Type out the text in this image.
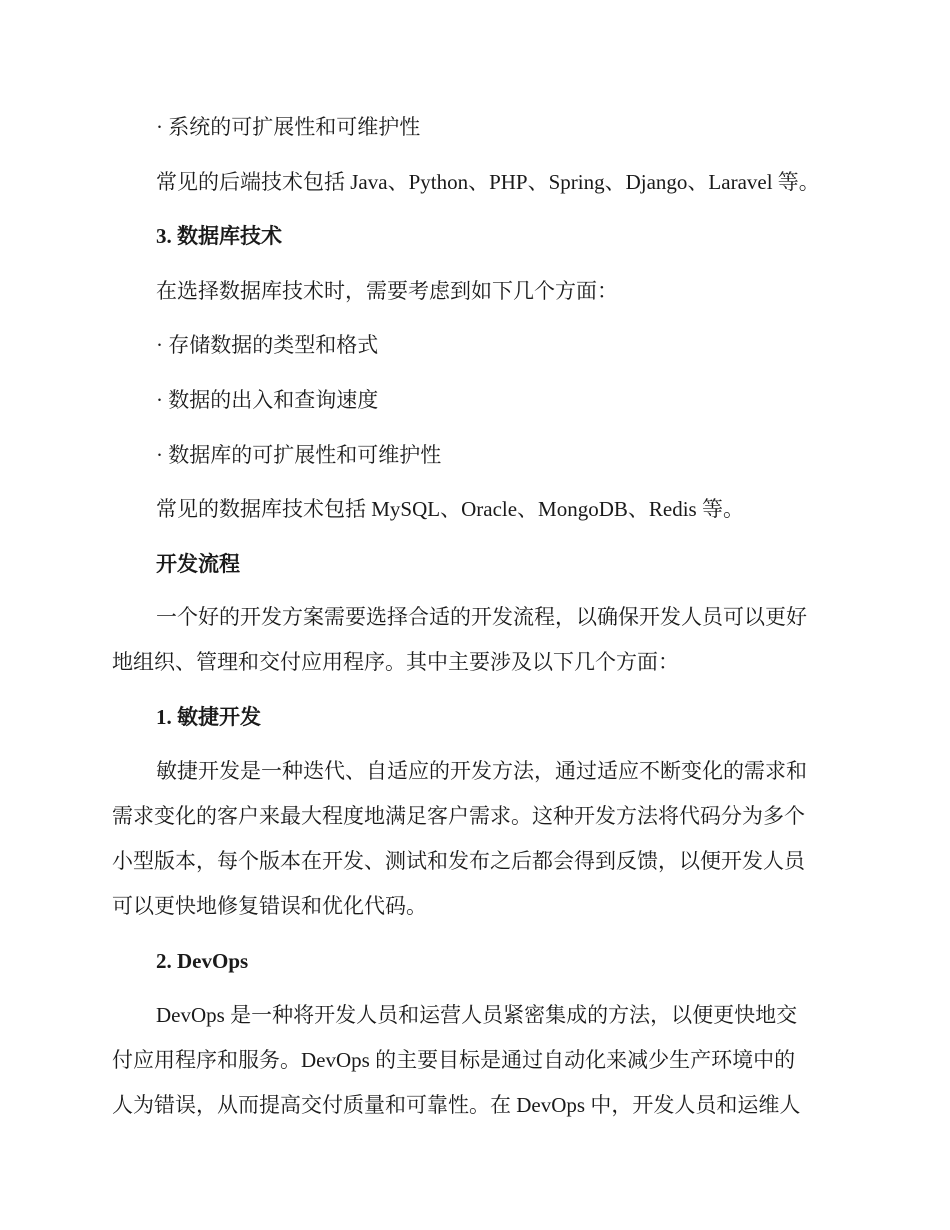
· 系统的可扩展性和可维护性
常见的后端技术包括 Java、Python、PHP、Spring、Django、Laravel 等。
3. 数据库技术
在选择数据库技术时，需要考虑到如下几个方面：
· 存储数据的类型和格式
· 数据的出入和查询速度
· 数据库的可扩展性和可维护性
常见的数据库技术包括 MySQL、Oracle、MongoDB、Redis 等。
开发流程
一个好的开发方案需要选择合适的开发流程，以确保开发人员可以更好
地组织、管理和交付应用程序。其中主要涉及以下几个方面：
1. 敏捷开发
敏捷开发是一种迭代、自适应的开发方法，通过适应不断变化的需求和
需求变化的客户来最大程度地满足客户需求。这种开发方法将代码分为多个
小型版本，每个版本在开发、测试和发布之后都会得到反馈，以便开发人员
可以更快地修复错误和优化代码。
2. DevOps
DevOps 是一种将开发人员和运营人员紧密集成的方法，以便更快地交
付应用程序和服务。DevOps 的主要目标是通过自动化来减少生产环境中的
人为错误，从而提高交付质量和可靠性。在 DevOps 中，开发人员和运维人
